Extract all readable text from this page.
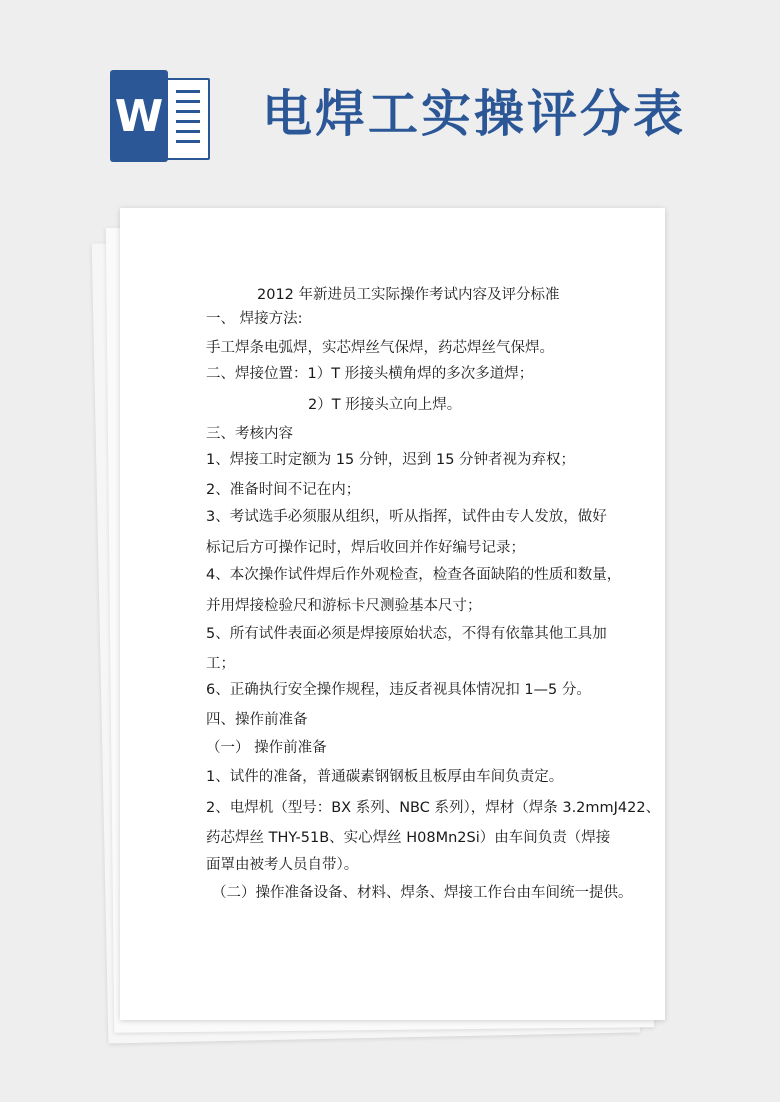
W 电焊工实操评分表
2012 年新进员工实际操作考试内容及评分标准
一、 焊接方法:
手工焊条电弧焊，实芯焊丝气保焊，药芯焊丝气保焊。
二、焊接位置：1）T 形接头横角焊的多次多道焊；
2）T 形接头立向上焊。
三、考核内容
1、焊接工时定额为 15 分钟，迟到 15 分钟者视为弃权；
2、准备时间不记在内；
3、考试选手必须服从组织，听从指挥，试件由专人发放，做好
标记后方可操作记时，焊后收回并作好编号记录；
4、本次操作试件焊后作外观检查，检查各面缺陷的性质和数量，
并用焊接检验尺和游标卡尺测验基本尺寸；
5、所有试件表面必须是焊接原始状态，不得有依靠其他工具加
工；
6、正确执行安全操作规程，违反者视具体情况扣 1—5 分。
四、操作前准备
（一） 操作前准备
1、试件的准备，普通碳素钢钢板且板厚由车间负责定。
2、电焊机（型号：BX 系列、NBC 系列），焊材（焊条 3.2mmJ422、
药芯焊丝 THY-51B、实心焊丝 H08Mn2Si）由车间负责（焊接
面罩由被考人员自带）。
（二）操作准备设备、材料、焊条、焊接工作台由车间统一提供。
